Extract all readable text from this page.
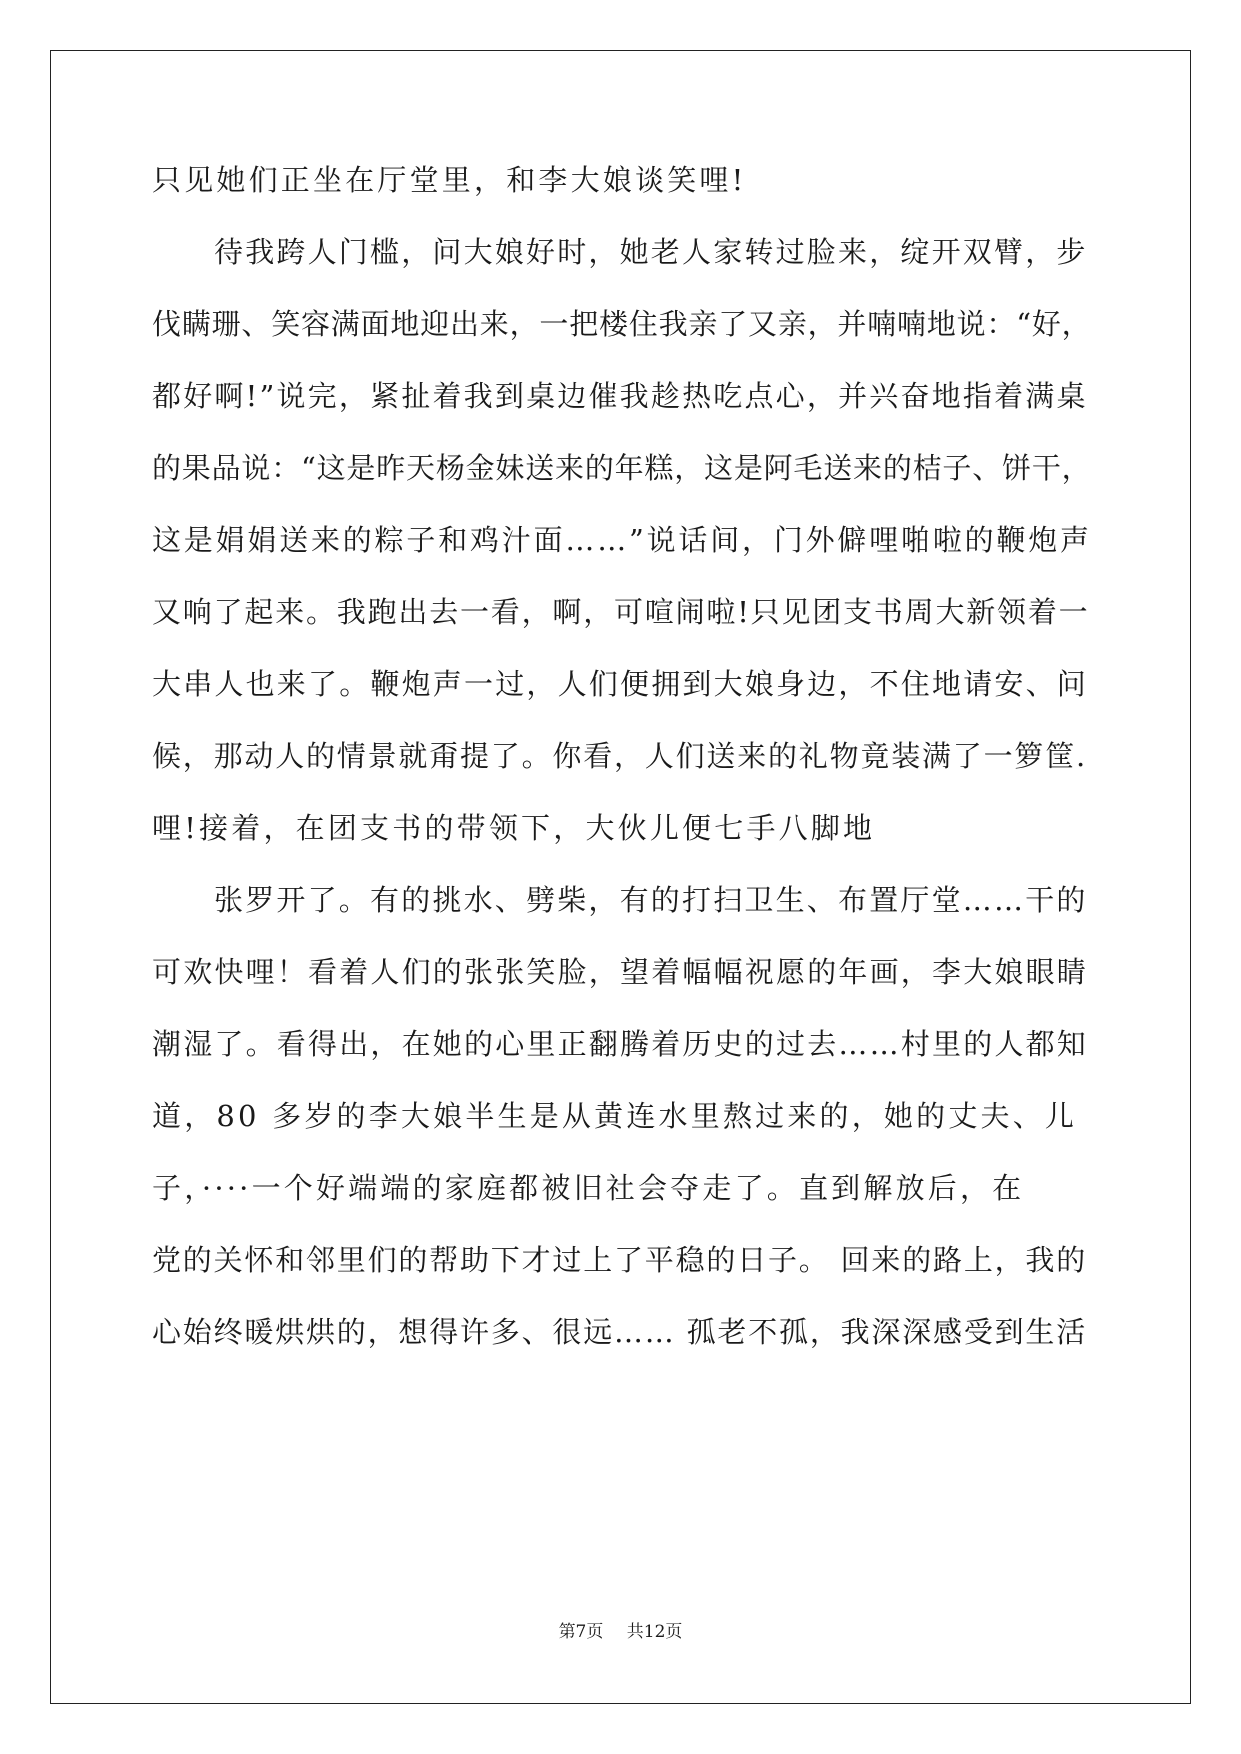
只见她们正坐在厅堂里，和李大娘谈笑哩!
待我跨人门槛，问大娘好时，她老人家转过脸来，绽开双臂，步
伐瞒珊、笑容满面地迎出来，一把楼住我亲了又亲，并喃喃地说：“好，
都好啊!”说完，紧扯着我到桌边催我趁热吃点心，并兴奋地指着满桌
的果品说：“这是昨天杨金妹送来的年糕，这是阿毛送来的桔子、饼干，
这是娟娟送来的粽子和鸡汁面……”说话间，门外僻哩啪啦的鞭炮声
又响了起来。我跑出去一看，啊，可喧闹啦!只见团支书周大新领着一
大串人也来了。鞭炮声一过，人们便拥到大娘身边，不住地请安、问
候，那动人的情景就甭提了。你看，人们送来的礼物竟装满了一箩筐.
哩!接着，在团支书的带领下，大伙儿便七手八脚地
张罗开了。有的挑水、劈柴，有的打扫卫生、布置厅堂……干的
可欢快哩！看着人们的张张笑脸，望着幅幅祝愿的年画，李大娘眼睛
潮湿了。看得出，在她的心里正翻腾着历史的过去……村里的人都知
道，80 多岁的李大娘半生是从黄连水里熬过来的，她的丈夫、儿
子，····一个好端端的家庭都被旧社会夺走了。直到解放后，在
党的关怀和邻里们的帮助下才过上了平稳的日子。 回来的路上，我的
心始终暖烘烘的，想得许多、很远…… 孤老不孤，我深深感受到生活
第7页 共12页
